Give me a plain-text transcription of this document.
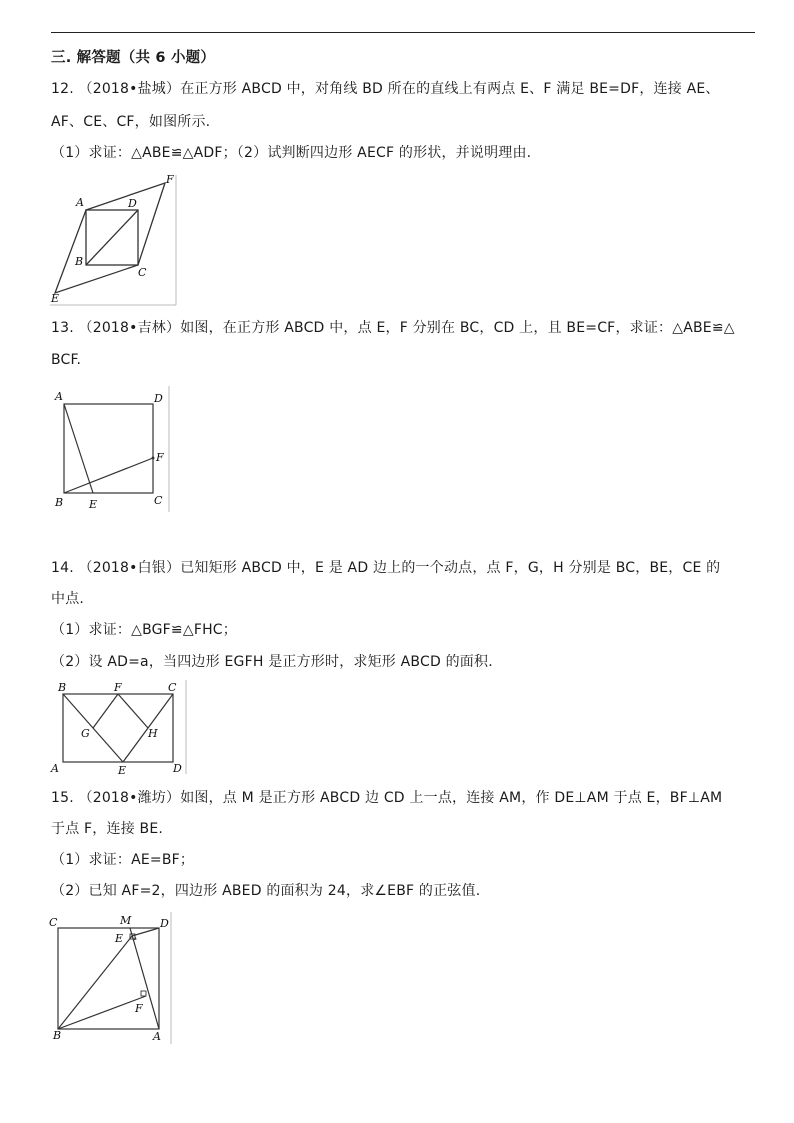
三. 解答题（共 6 小题）
12. （2018•盐城）在正方形 ABCD 中，对角线 BD 所在的直线上有两点 E、F 满足 BE=DF，连接 AE、
AF、CE、CF，如图所示.
（1）求证：△ABE≌△ADF；（2）试判断四边形 AECF 的形状，并说明理由.
A	D
F
B
C
E
13. （2018•吉林）如图，在正方形 ABCD 中，点 E，F 分别在 BC，CD 上，且 BE=CF，求证：△ABE≌△
BCF.
A	D
F
B E	C
14. （2018•白银）已知矩形 ABCD 中，E 是 AD 边上的一个动点，点 F，G，H 分别是 BC，BE，CE 的
中点.
（1）求证：△BGF≌△FHC；
（2）设 AD=a，当四边形 EGFH 是正方形时，求矩形 ABCD 的面积.
B	F	C
G	H
A	E	D
15. （2018•潍坊）如图，点 M 是正方形 ABCD 边 CD 上一点，连接 AM，作 DE⊥AM 于点 E，BF⊥AM
于点 F，连接 BE.
（1）求证：AE=BF；
（2）已知 AF=2，四边形 ABED 的面积为 24，求∠EBF 的正弦值.
C	M	D
E
F
B	A
